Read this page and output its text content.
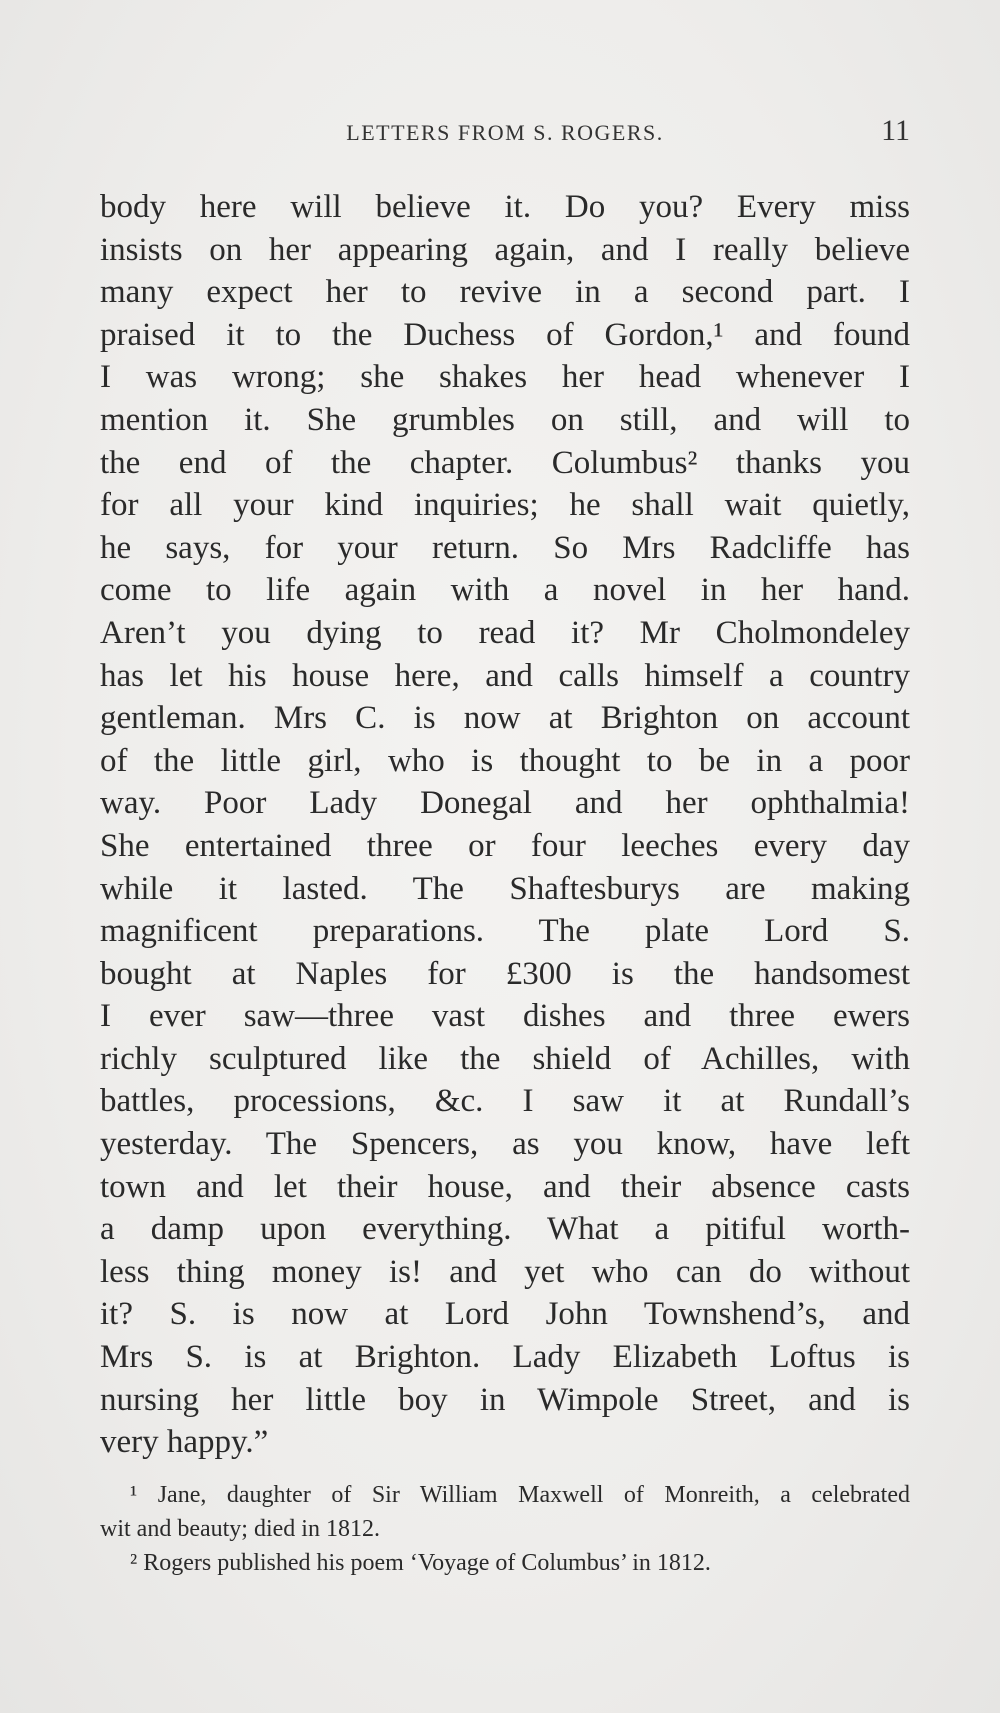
LETTERS FROM S. ROGERS.	11
body here will believe it. Do you? Every miss
insists on her appearing again, and I really believe
many expect her to revive in a second part. I
praised it to the Duchess of Gordon,¹ and found
I was wrong; she shakes her head whenever I
mention it. She grumbles on still, and will to
the end of the chapter. Columbus² thanks you
for all your kind inquiries; he shall wait quietly,
he says, for your return. So Mrs Radcliffe has
come to life again with a novel in her hand.
Aren’t you dying to read it? Mr Cholmondeley
has let his house here, and calls himself a country
gentleman. Mrs C. is now at Brighton on account
of the little girl, who is thought to be in a poor
way. Poor Lady Donegal and her ophthalmia!
She entertained three or four leeches every day
while it lasted. The Shaftesburys are making
magnificent preparations. The plate Lord S.
bought at Naples for £300 is the handsomest
I ever saw—three vast dishes and three ewers
richly sculptured like the shield of Achilles, with
battles, processions, &c. I saw it at Rundall’s
yesterday. The Spencers, as you know, have left
town and let their house, and their absence casts
a damp upon everything. What a pitiful worth-
less thing money is! and yet who can do without
it? S. is now at Lord John Townshend’s, and
Mrs S. is at Brighton. Lady Elizabeth Loftus is
nursing her little boy in Wimpole Street, and is
very happy.”
¹ Jane, daughter of Sir William Maxwell of Monreith, a celebrated
wit and beauty; died in 1812.
² Rogers published his poem ‘Voyage of Columbus’ in 1812.
